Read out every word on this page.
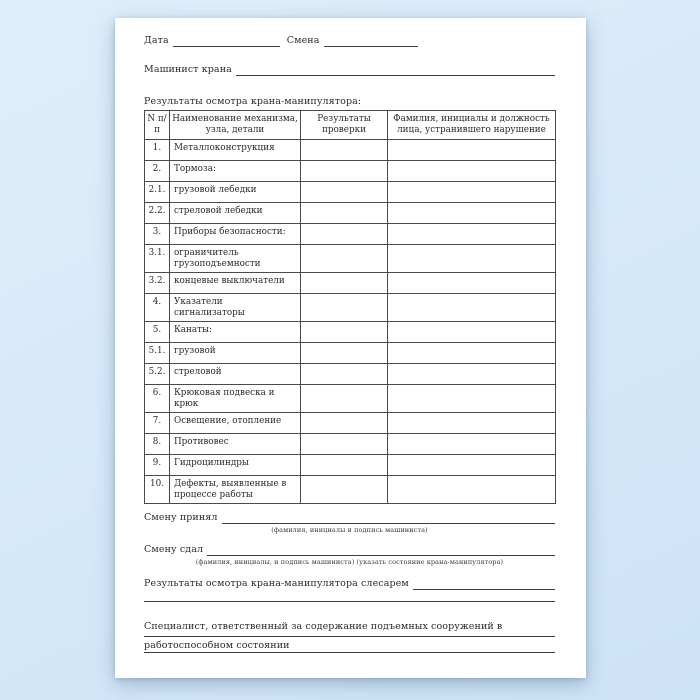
Дата	Смена
Машинист крана
Результаты осмотра крана-манипулятора:
N п/п	Наименование механизма, узла, детали	Результаты проверки	Фамилия, инициалы и должность лица, устранившего нарушение
1.	Металлоконструкция		
2.	Тормоза:		
2.1.	грузовой лебедки		
2.2.	стреловой лебедки		
3.	Приборы безопасности:		
3.1.	ограничитель грузоподъемности		
3.2.	концевые выключатели		
4.	Указатели сигнализаторы		
5.	Канаты:		
5.1.	грузовой		
5.2.	стреловой		
6.	Крюковая подвеска и крюк		
7.	Освещение, отопление		
8.	Противовес		
9.	Гидроцилиндры		
10.	Дефекты, выявленные в процессе работы		
Смену принял
(фамилия, инициалы и подпись машиниста)
Смену сдал
(фамилия, инициалы, и подпись машиниста) (указать состояние крана-манипулятора)
Результаты осмотра крана-манипулятора слесарем
Специалист, ответственный за содержание подъемных сооружений в работоспособном состоянии
